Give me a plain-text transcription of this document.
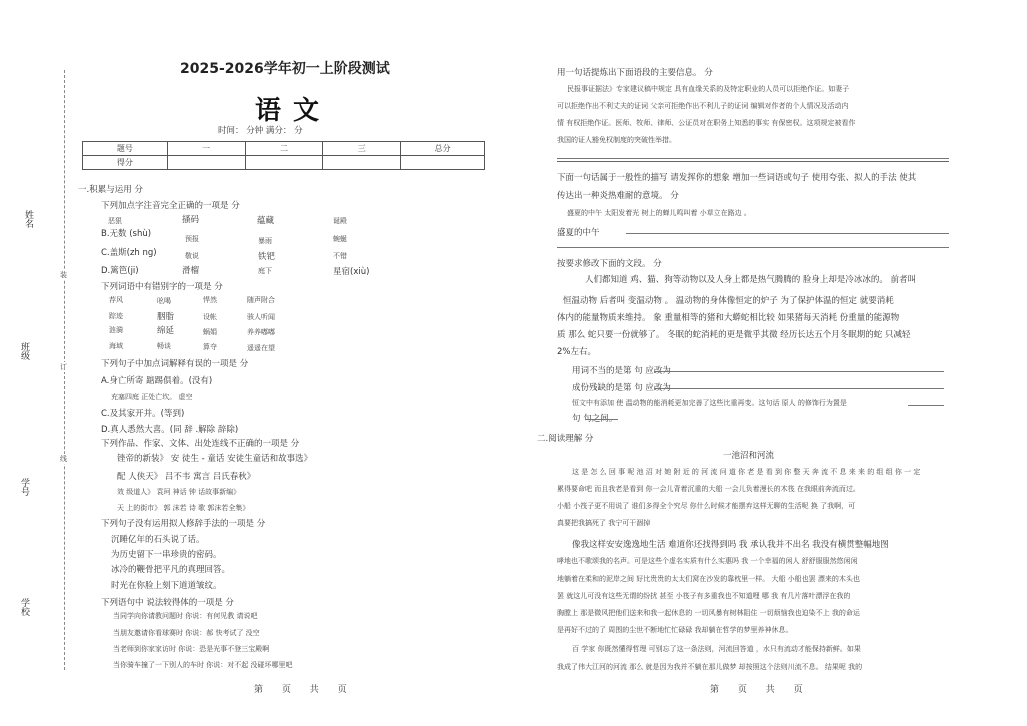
姓名
班级
学号
学校
装
订
线
2025-2026学年初一上阶段测试
语文
时间： 分钟 满分： 分
题号	一	二	三	总分
得分				
一.积累与运用 分
下列加点字注音完全正确的一项是 分
恶狠	搔码	蕴藏	诞殿
B.无数 (shù)	预报	暴雨	蜿蜒
C.盖斯(zh ng)	敬说	铁钯	不错
D.篱笆(ji)	滑榴	庭下	星宿(xiù)
下列词语中有错别字的一项是 分
荐风	吆喝	悍然	随声附合
踪迹	胭脂	设帐	骇人听闻
涟漪	绵延	蜗娟	养养嘟嘟
海域	畅谈	算夺	遥遥在望
下列句子中加点词解释有误的一项是 分
A.身亡所寄 踮踢俱着。(没有)
充塞四庭 正处亡坎。 虚空
C.及其家开并。(等到)
D.真人悉然大喜。(同 辞 .解除 辞除)
下列作品、作家、文体、出处连线不正确的一项是 分
锉帝的新装》 安 徒生 - 童话 安徒生童话和故事选》
配 人侠天》 吕不韦 寓言 吕氏春秋》
效 级道人》 袁珂 神话 钟 话故事新编》
天 上的街市》 郭 沫若 诗 歌 郭沫若全集》
下列句子没有运用拟人修辞手法的一项是 分
沉睡亿年的石头说了话。
为历史留下一串珍贵的密码。
冰冷的鞭骨把平凡的真理回答。
时光在你脸上刻下道道皱纹。
下列语句中 说法较得体的一项是 分
当同学向你请教问题时 你说：有何见教 请说吧
当朋友邀请你看球赛时 你说：郝 快考试了 没空
当老师到你家家访时 你说：恐是光事不登三宝殿啊
当你骑车撞了一下别人的车时 你说：对不起 没碰坏哪里吧
用一句话提炼出下面语段的主要信息。 分
民报事证据法》专家建议稿中规定 具有血缘关系的及特定职业的人员可以拒绝作证。如妻子
可以拒绝作出不利丈夫的证词 父亲可拒绝作出不利儿子的证词 编辑对作者的个人情况及活动内
情 有权拒绝作证。医师、牧师、律师、公证员对在职务上知悉的事实 有保密权。这项规定被看作
我国的证人豁免权制度的突破性举措。
下面一句话属于一般性的描写 请发挥你的想象 增加一些词语或句子 使用夸张、拟人的手法 使其
传达出一种炎热难耐的意境。 分
盛夏的中午 太阳发着光 树上的蝉儿鸣叫着 小草立在路边 。
盛夏的中午
按要求修改下面的文段。 分
人们都知道 鸡、猫、狗等动物以及人身上都是热气腾腾的 脸身上却是冷冰冰的。 前者叫
恒温动物 后者叫 变温动物 。 温动物的身体像恒定的炉子 为了保护体温的恒定 就要消耗
体内的能量物质来维持。 象 重量相等的猪和大蟒蛇相比较 如果猪每天消耗 份重量的能源物
质 那么 蛇只要一份就够了。 冬眠的蛇消耗的更是微乎其微 经历长达五个月冬眠期的蛇 只减轻
2%左右。
用词不当的是第 句 应改为
成份残缺的是第 句 应改为
恒文中有添加 使 温动物的能消耗更加完善了这些比重再变。这句话 原人 的修饰行为置是
句 句之间。
二.阅读理解 分
一池沼和河流
这 是 怎 么 回 事 呢 池 沼 对 她 附 近 的 河 流 问 道 你 老 是 看 到 你 整 天 奔 流 不 息 来 来 的 组 组 你 一 定
累得要命吧 而且我老是看到 你一会儿背着沉重的大船 一会儿负着漫长的木筏 在我眼前奔流而过。
小船 小筏子更不用说了 谁们多得全个究尽 你什么时候才能摆弃这样无聊的生活呢 换 了我啊，可
真要把我搞死了 我宁可干涸掉
像我这样安安逸逸地生活 难道你还找得到吗 我 承认我并不出名 我没有横贯整幅地图
哮地也不歌颂我的名声。可是这些个虚名实质有什么实惠吗 我 一个幸福的闲人 舒舒服服然悠闲闲
地躺着在柔和的泥岸之间 好比贵贵的太太们窝在沙发的靠枕里一样。 大船 小船也罢 漂来的木头也
罢 就这儿可没有这些无谓的纷扰 甚至 小筏子有多重我也不知道哩 哪 我 有几片落叶漂浮在我的
胸膛上 那是微风把他们送来和我一起休息的 一切风暴有树林阻住 一切烦恼我也迫染不上 我的命运
是再好不过的了 周围的尘世不断地忙忙碌碌 我却躺在哲学的梦里养神休息。
百 学家 你既然懂得哲理 可别忘了这一条法则，河流回答道 ，水只有流动才能保持新鲜。如果
我成了伟大江河的河流 那么 就是因为我并不躺在那儿做梦 却按照这个法则川流不息。 结果呢 我的
第 页 共 页	第 页 共 页
